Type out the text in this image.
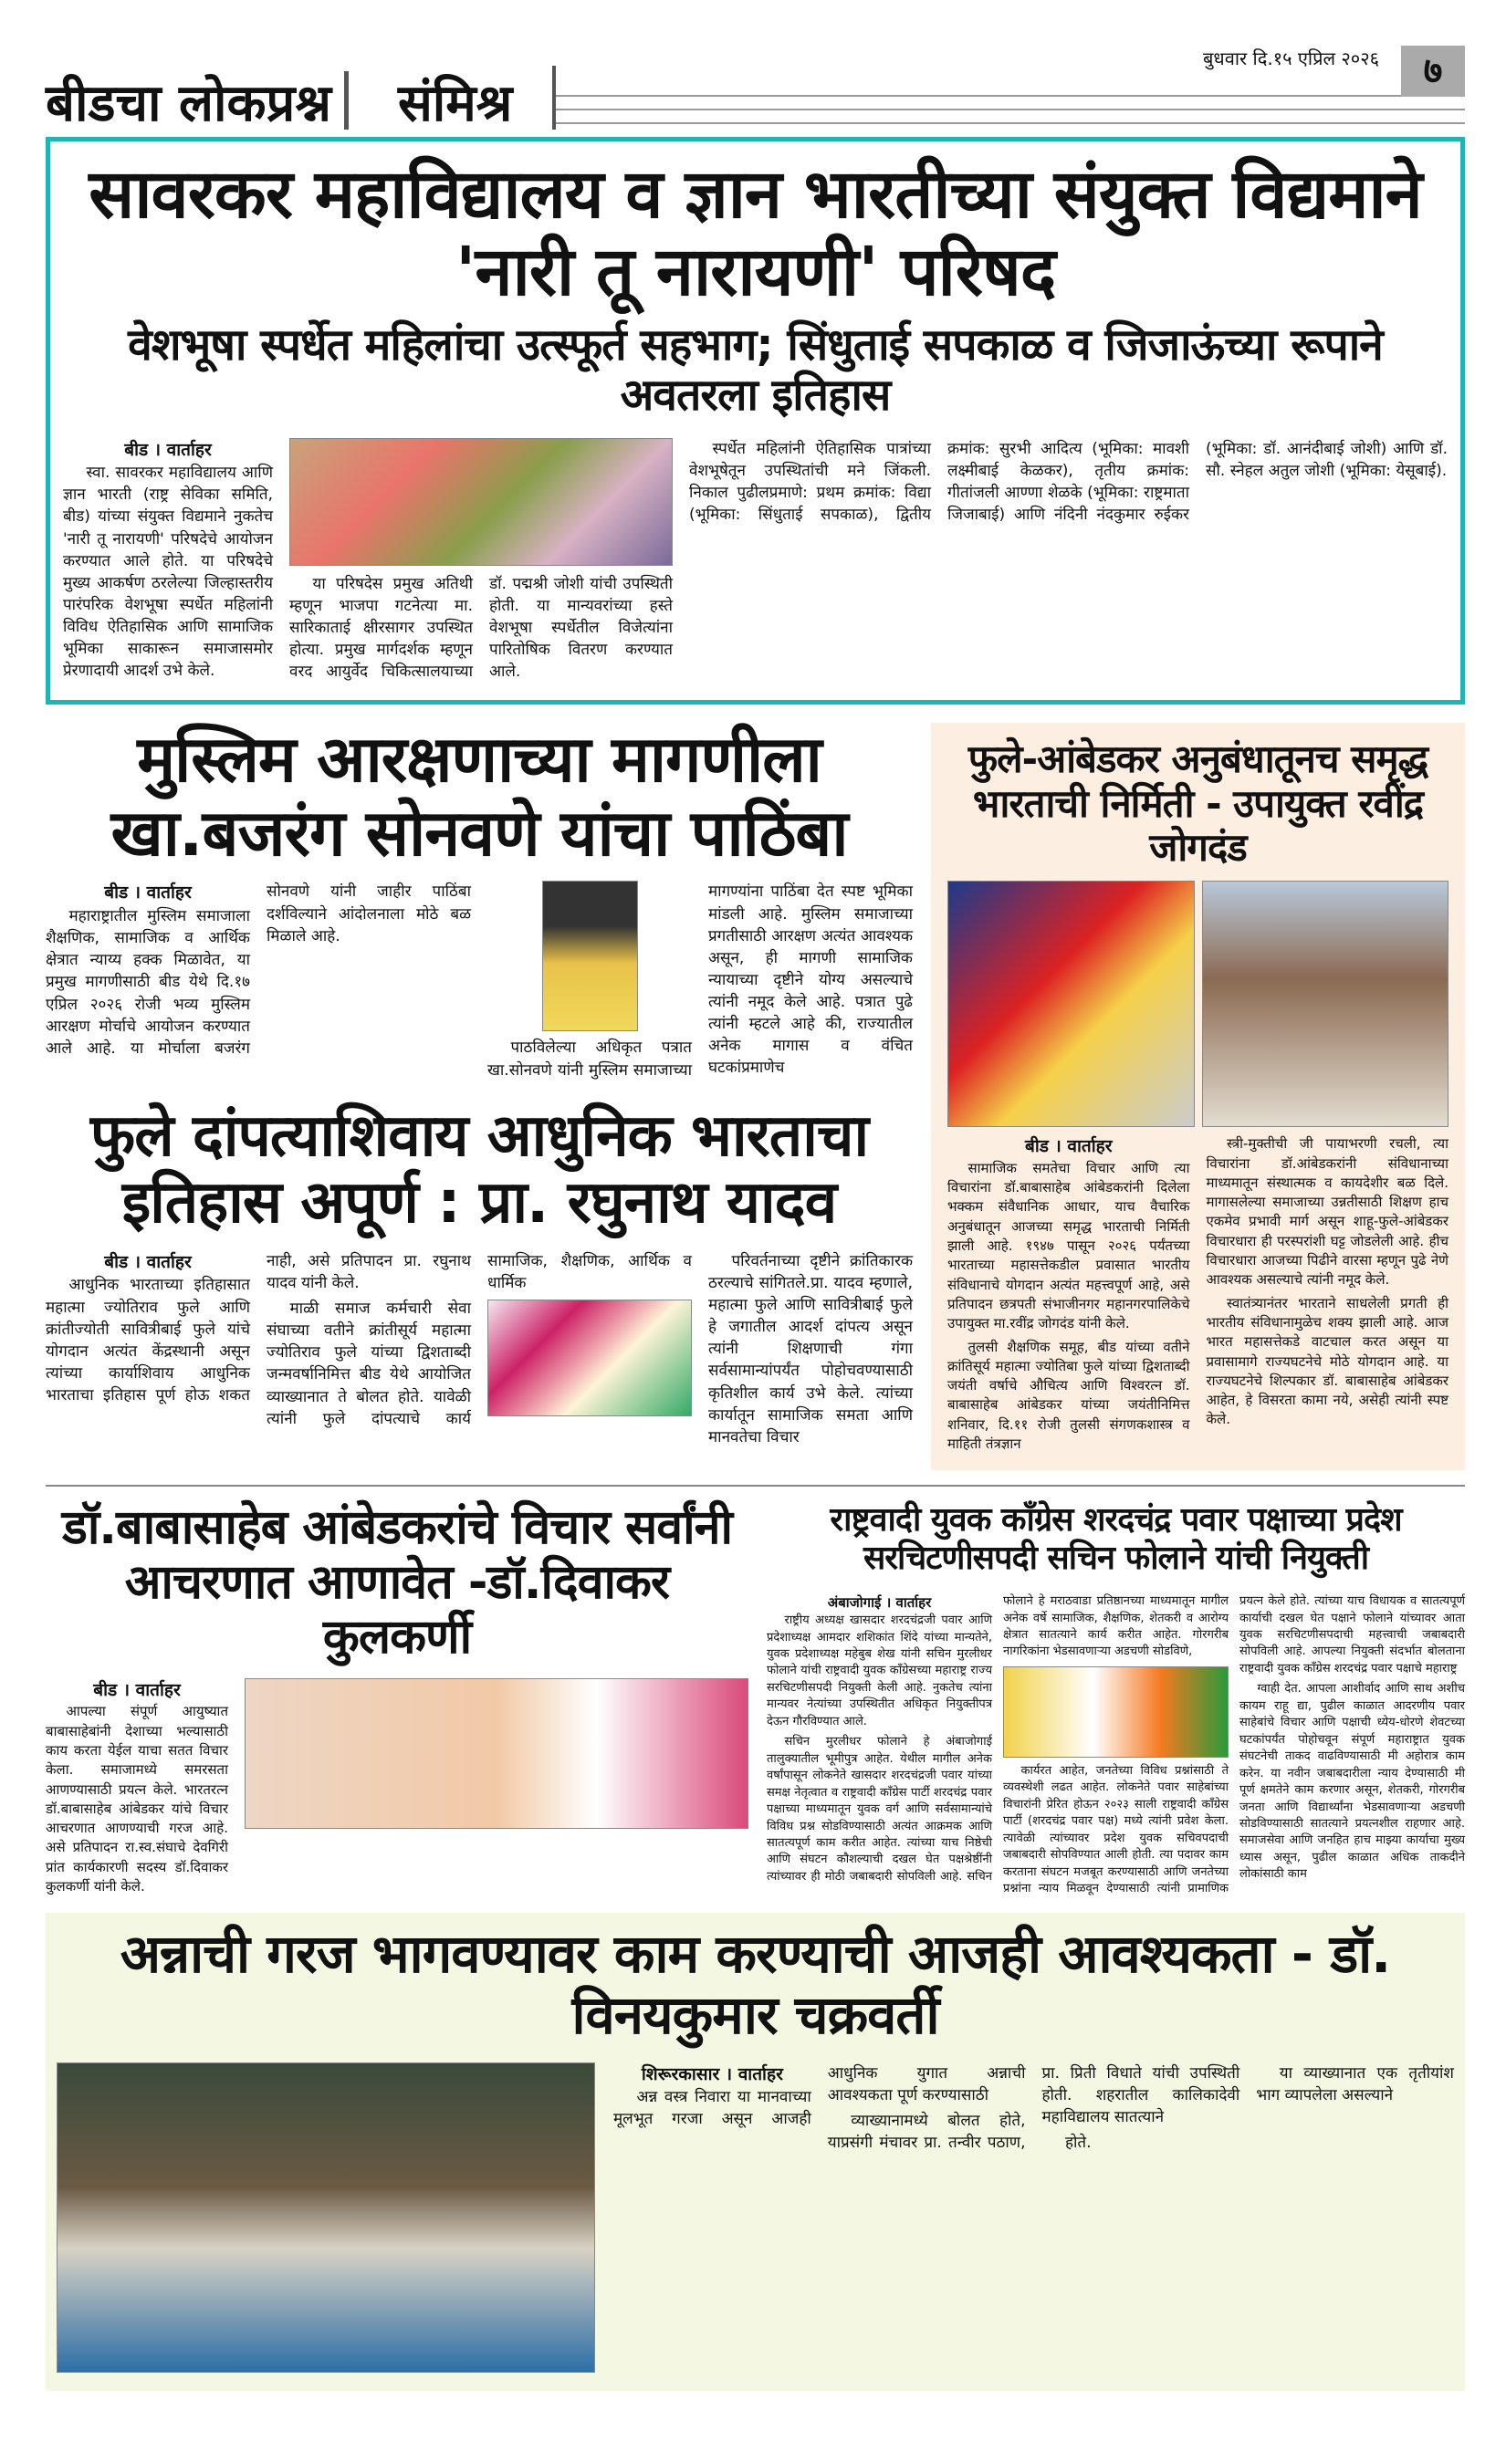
बीडचा लोकप्रश्न संमिश्र
बुधवार दि.१५ एप्रिल २०२६	७
सावरकर महाविद्यालय व ज्ञान भारतीच्या संयुक्त विद्यमाने 'नारी तू नारायणी' परिषद
वेशभूषा स्पर्धेत महिलांचा उत्स्फूर्त सहभाग; सिंधुताई सपकाळ व जिजाऊंच्या रूपाने अवतरला इतिहास
बीड । वार्ताहर

स्वा. सावरकर महाविद्यालय आणि ज्ञान भारती (राष्ट्र सेविका समिति, बीड) यांच्या संयुक्त विद्यमाने नुकतेच 'नारी तू नारायणी' परिषदेचे आयोजन करण्यात आले होते. या परिषदेचे मुख्य आकर्षण ठरलेल्या जिल्हास्तरीय पारंपरिक वेशभूषा स्पर्धेत महिलांनी विविध ऐतिहासिक आणि सामाजिक भूमिका साकारून समाजासमोर प्रेरणादायी आदर्श उभे केले.

या परिषदेस प्रमुख अतिथी म्हणून भाजपा गटनेत्या मा. सारिकाताई क्षीरसागर उपस्थित होत्या. प्रमुख मार्गदर्शक म्हणून वरद आयुर्वेद चिकित्सालयाच्या डॉ. पद्मश्री जोशी यांची उपस्थिती होती. या मान्यवरांच्या हस्ते वेशभूषा स्पर्धेतील विजेत्यांना पारितोषिक वितरण करण्यात आले.

स्पर्धेत महिलांनी ऐतिहासिक पात्रांच्या वेशभूषेतून उपस्थितांची मने जिंकली. निकाल पुढीलप्रमाणे: प्रथम क्रमांक: विद्या (भूमिका: सिंधुताई सपकाळ), द्वितीय क्रमांक: सुरभी आदित्य (भूमिका: मावशी लक्ष्मीबाई केळकर), तृतीय क्रमांक: गीतांजली आण्णा शेळके (भूमिका: राष्ट्रमाता जिजाबाई) आणि नंदिनी नंदकुमार रुईकर (भूमिका: डॉ. आनंदीबाई जोशी) आणि डॉ. सौ. स्नेहल अतुल जोशी (भूमिका: येसूबाई).

मुस्लिम आरक्षणाच्या मागणीला
खा.बजरंग सोनवणे यांचा पाठिंबा
बीड । वार्ताहर

महाराष्ट्रातील मुस्लिम समाजाला शैक्षणिक, सामाजिक व आर्थिक क्षेत्रात न्याय्य हक्क मिळावेत, या प्रमुख मागणीसाठी बीड येथे दि.१७ एप्रिल २०२६ रोजी भव्य मुस्लिम आरक्षण मोर्चाचे आयोजन करण्यात आले आहे. या मोर्चाला बजरंग सोनवणे यांनी जाहीर पाठिंबा दर्शविल्याने आंदोलनाला मोठे बळ मिळाले आहे.

पाठविलेल्या अधिकृत पत्रात खा.सोनवणे यांनी मुस्लिम समाजाच्या मागण्यांना पाठिंबा देत स्पष्ट भूमिका मांडली आहे. मुस्लिम समाजाच्या प्रगतीसाठी आरक्षण अत्यंत आवश्यक असून, ही मागणी सामाजिक न्यायाच्या दृष्टीने योग्य असल्याचे त्यांनी नमूद केले आहे. पत्रात पुढे त्यांनी म्हटले आहे की, राज्यातील अनेक मागास व वंचित घटकांप्रमाणेच

फुले दांपत्याशिवाय आधुनिक भारताचा
इतिहास अपूर्ण : प्रा. रघुनाथ यादव
बीड । वार्ताहर

आधुनिक भारताच्या इतिहासात महात्मा ज्योतिराव फुले आणि क्रांतीज्योती सावित्रीबाई फुले यांचे योगदान अत्यंत केंद्रस्थानी असून त्यांच्या कार्याशिवाय आधुनिक भारताचा इतिहास पूर्ण होऊ शकत नाही, असे प्रतिपादन प्रा. रघुनाथ यादव यांनी केले.

माळी समाज कर्मचारी सेवा संघाच्या वतीने क्रांतीसूर्य महात्मा ज्योतिराव फुले यांच्या द्विशताब्दी जन्मवर्षानिमित्त बीड येथे आयोजित व्याख्यानात ते बोलत होते. यावेळी त्यांनी फुले दांपत्याचे कार्य सामाजिक, शैक्षणिक, आर्थिक व धार्मिक

परिवर्तनाच्या दृष्टीने क्रांतिकारक ठरल्याचे सांगितले.प्रा. यादव म्हणाले, महात्मा फुले आणि सावित्रीबाई फुले हे जगातील आदर्श दांपत्य असून त्यांनी शिक्षणाची गंगा सर्वसामान्यांपर्यंत पोहोचवण्यासाठी कृतिशील कार्य उभे केले. त्यांच्या कार्यातून सामाजिक समता आणि मानवतेचा विचार

फुले-आंबेडकर अनुबंधातूनच समृद्ध
भारताची निर्मिती - उपायुक्त रवींद्र जोगदंड
बीड । वार्ताहर

सामाजिक समतेचा विचार आणि त्या विचारांना डॉ.बाबासाहेब आंबेडकरांनी दिलेला भक्कम संवैधानिक आधार, याच वैचारिक अनुबंधातून आजच्या समृद्ध भारताची निर्मिती झाली आहे. १९४७ पासून २०२६ पर्यंतच्या भारताच्या महासत्तेकडील प्रवासात भारतीय संविधानाचे योगदान अत्यंत महत्त्वपूर्ण आहे, असे प्रतिपादन छत्रपती संभाजीनगर महानगरपालिकेचे उपायुक्त मा.रवींद्र जोगदंड यांनी केले.

तुलसी शैक्षणिक समूह, बीड यांच्या वतीने क्रांतिसूर्य महात्मा ज्योतिबा फुले यांच्या द्विशताब्दी जयंती वर्षाचे औचित्य आणि विश्वरत्न डॉ. बाबासाहेब आंबेडकर यांच्या जयंतीनिमित्त शनिवार, दि.११ रोजी तुलसी संगणकशास्त्र व माहिती तंत्रज्ञान

स्त्री-मुक्तीची जी पायाभरणी रचली, त्या विचारांना डॉ.आंबेडकरांनी संविधानाच्या माध्यमातून संस्थात्मक व कायदेशीर बळ दिले. मागासलेल्या समाजाच्या उन्नतीसाठी शिक्षण हाच एकमेव प्रभावी मार्ग असून शाहू-फुले-आंबेडकर विचारधारा ही परस्परांशी घट्ट जोडलेली आहे. हीच विचारधारा आजच्या पिढीने वारसा म्हणून पुढे नेणे आवश्यक असल्याचे त्यांनी नमूद केले.

स्वातंत्र्यानंतर भारताने साधलेली प्रगती ही भारतीय संविधानामुळेच शक्य झाली आहे. आज भारत महासत्तेकडे वाटचाल करत असून या प्रवासामागे राज्यघटनेचे मोठे योगदान आहे. या राज्यघटनेचे शिल्पकार डॉ. बाबासाहेब आंबेडकर आहेत, हे विसरता कामा नये, असेही त्यांनी स्पष्ट केले.

डॉ.बाबासाहेब आंबेडकरांचे विचार सर्वांनी
आचरणात आणावेत -डॉ.दिवाकर कुलकर्णी
बीड । वार्ताहर

आपल्या संपूर्ण आयुष्यात बाबासाहेबांनी देशाच्या भल्यासाठी काय करता येईल याचा सतत विचार केला. समाजामध्ये समरसता आणण्यासाठी प्रयत्न केले. भारतरत्न डॉ.बाबासाहेब आंबेडकर यांचे विचार आचरणात आणण्याची गरज आहे. असे प्रतिपादन रा.स्व.संघाचे देवगिरी प्रांत कार्यकारणी सदस्य डॉ.दिवाकर कुलकर्णी यांनी केले.

राष्ट्रवादी युवक काँग्रेस शरदचंद्र पवार पक्षाच्या प्रदेश
सरचिटणीसपदी सचिन फोलाने यांची नियुक्ती
अंबाजोगाई । वार्ताहर

राष्ट्रीय अध्यक्ष खासदार शरदचंद्रजी पवार आणि प्रदेशाध्यक्ष आमदार शशिकांत शिंदे यांच्या मान्यतेने, युवक प्रदेशाध्यक्ष महेबुब शेख यांनी सचिन मुरलीधर फोलाने यांची राष्ट्रवादी युवक काँग्रेसच्या महाराष्ट्र राज्य सरचिटणीसपदी नियुक्ती केली आहे. नुकतेच त्यांना मान्यवर नेत्यांच्या उपस्थितीत अधिकृत नियुक्तीपत्र देऊन गौरविण्यात आले.

सचिन मुरलीधर फोलाने हे अंबाजोगाई तालुक्यातील भूमीपुत्र आहेत. येथील मागील अनेक वर्षांपासून लोकनेते खासदार शरदचंद्रजी पवार यांच्या समक्ष नेतृत्वात व राष्ट्रवादी काँग्रेस पार्टी शरदचंद्र पवार पक्षाच्या माध्यमातून युवक वर्ग आणि सर्वसामान्यांचे विविध प्रश्न सोडविण्यासाठी अत्यंत आक्रमक आणि सातत्यपूर्ण काम करीत आहेत. त्यांच्या याच निष्ठेची आणि संघटन कौशल्याची दखल घेत पक्षश्रेष्ठींनी त्यांच्यावर ही मोठी जबाबदारी सोपविली आहे. सचिन फोलाने हे मराठवाडा प्रतिष्ठानच्या माध्यमातून मागील अनेक वर्षे सामाजिक, शैक्षणिक, शेतकरी व आरोग्य क्षेत्रात सातत्याने कार्य करीत आहेत. गोरगरीब नागरिकांना भेडसावणाऱ्या अडचणी सोडविणे,

कार्यरत आहेत, जनतेच्या विविध प्रश्नांसाठी ते व्यवस्थेशी लढत आहेत. लोकनेते पवार साहेबांच्या विचारांनी प्रेरित होऊन २०२३ साली राष्ट्रवादी काँग्रेस पार्टी (शरदचंद्र पवार पक्ष) मध्ये त्यांनी प्रवेश केला. त्यावेळी त्यांच्यावर प्रदेश युवक सचिवपदाची जबाबदारी सोपविण्यात आली होती. त्या पदावर काम करताना संघटन मजबूत करण्यासाठी आणि जनतेच्या प्रश्नांना न्याय मिळवून देण्यासाठी त्यांनी प्रामाणिक प्रयत्न केले होते. त्यांच्या याच विधायक व सातत्यपूर्ण कार्याची दखल घेत पक्षाने फोलाने यांच्यावर आता युवक सरचिटणीसपदाची महत्त्वाची जबाबदारी सोपविली आहे. आपल्या नियुक्ती संदर्भात बोलताना राष्ट्रवादी युवक काँग्रेस शरदचंद्र पवार पक्षाचे महाराष्ट्र

ग्वाही देत. आपला आशीर्वाद आणि साथ अशीच कायम राहू द्या, पुढील काळात आदरणीय पवार साहेबांचे विचार आणि पक्षाची ध्येय-धोरणे शेवटच्या घटकांपर्यंत पोहोचवून संपूर्ण महाराष्ट्रात युवक संघटनेची ताकद वाढविण्यासाठी मी अहोरात्र काम करेन. या नवीन जबाबदारीला न्याय देण्यासाठी मी पूर्ण क्षमतेने काम करणार असून, शेतकरी, गोरगरीब जनता आणि विद्यार्थ्यांना भेडसावणाऱ्या अडचणी सोडविण्यासाठी सातत्याने प्रयत्नशील राहणार आहे. समाजसेवा आणि जनहित हाच माझ्या कार्याचा मुख्य ध्यास असून, पुढील काळात अधिक ताकदीने लोकांसाठी काम

अन्नाची गरज भागवण्यावर काम करण्याची आजही आवश्यकता - डॉ. विनयकुमार चक्रवर्ती
शिरूरकासार । वार्ताहर

अन्न वस्त्र निवारा या मानवाच्या मूलभूत गरजा असून आजही आधुनिक युगात अन्नाची आवश्यकता पूर्ण करण्यासाठी

व्याख्यानामध्ये बोलत होते, याप्रसंगी मंचावर प्रा. तन्वीर पठाण, प्रा. प्रिती विधाते यांची उपस्थिती होती. शहरातील कालिकादेवी महाविद्यालय सातत्याने

होते.

या व्याख्यानात एक तृतीयांश भाग व्यापलेला असल्याने
